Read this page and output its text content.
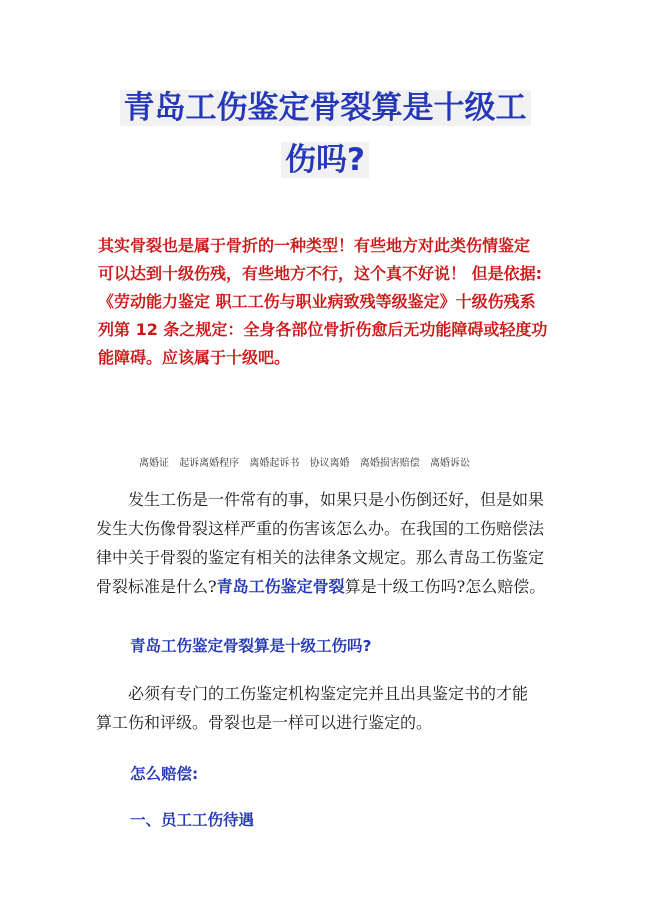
青岛工伤鉴定骨裂算是十级工
伤吗?
其实骨裂也是属于骨折的一种类型！有些地方对此类伤情鉴定
可以达到十级伤残，有些地方不行，这个真不好说！ 但是依据:
《劳动能力鉴定 职工工伤与职业病致残等级鉴定》十级伤残系
列第 12 条之规定：全身各部位骨折伤愈后无功能障碍或轻度功
能障碍。应该属于十级吧。
离婚证 起诉离婚程序 离婚起诉书 协议离婚 离婚损害赔偿 离婚诉讼
发生工伤是一件常有的事，如果只是小伤倒还好，但是如果
发生大伤像骨裂这样严重的伤害该怎么办。在我国的工伤赔偿法
律中关于骨裂的鉴定有相关的法律条文规定。那么青岛工伤鉴定
骨裂标准是什么?青岛工伤鉴定骨裂算是十级工伤吗?怎么赔偿。
青岛工伤鉴定骨裂算是十级工伤吗?
必须有专门的工伤鉴定机构鉴定完并且出具鉴定书的才能
算工伤和评级。骨裂也是一样可以进行鉴定的。
怎么赔偿:
一、员工工伤待遇
